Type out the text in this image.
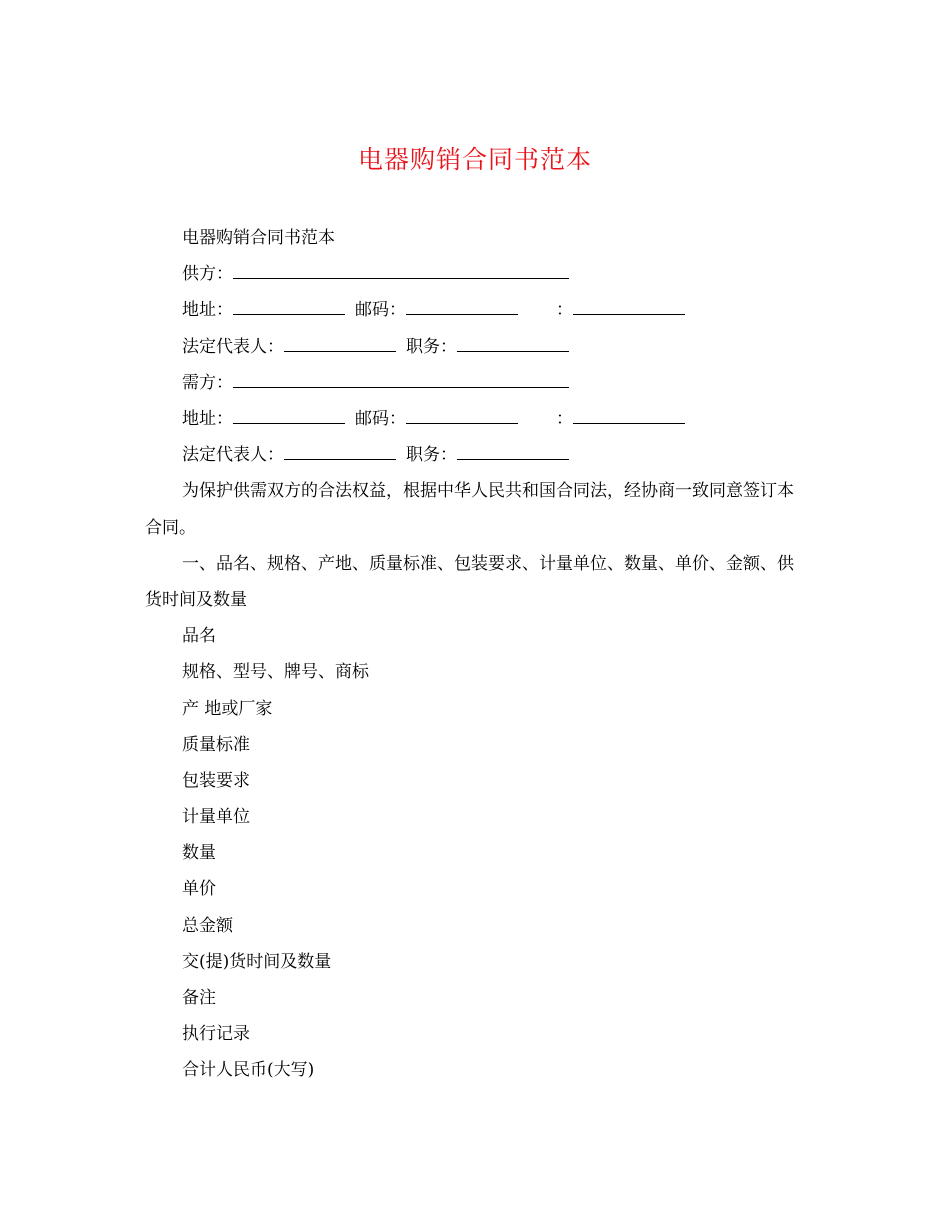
电器购销合同书范本
电器购销合同书范本
供方：
地址：	邮码：	：
法定代表人：	职务：
需方：
地址：	邮码：	：
法定代表人：	职务：
为保护供需双方的合法权益，根据中华人民共和国合同法，经协商一致同意签订本合同。
一、品名、规格、产地、质量标准、包装要求、计量单位、数量、单价、金额、供货时间及数量
品名
规格、型号、牌号、商标
产 地或厂家
质量标准
包装要求
计量单位
数量
单价
总金额
交(提)货时间及数量
备注
执行记录
合计人民币(大写)
